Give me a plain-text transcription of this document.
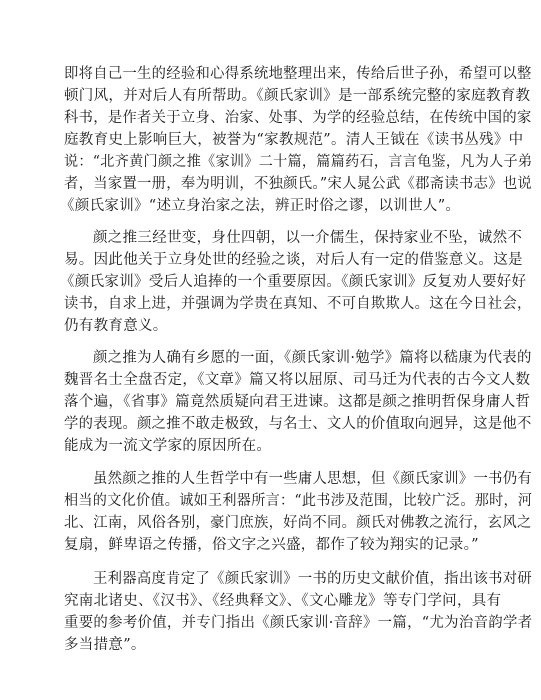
即将自己一生的经验和心得系统地整理出来，传给后世子孙，希望可以整
顿门风，并对后人有所帮助。《颜氏家训》是一部系统完整的家庭教育教
科书，是作者关于立身、治家、处事、为学的经验总结，在传统中国的家
庭教育史上影响巨大，被誉为“家教规范”。清人王钺在《读书丛残》中
说：“北齐黄门颜之推《家训》二十篇，篇篇药石，言言龟鉴，凡为人子弟
者，当家置一册，奉为明训，不独颜氏。”宋人晁公武《郡斋读书志》也说
《颜氏家训》“述立身治家之法，辨正时俗之谬，以训世人”。
颜之推三经世变，身仕四朝，以一介儒生，保持家业不坠，诚然不
易。因此他关于立身处世的经验之谈，对后人有一定的借鉴意义。这是
《颜氏家训》受后人追捧的一个重要原因。《颜氏家训》反复劝人要好好
读书，自求上进，并强调为学贵在真知、不可自欺欺人。这在今日社会，
仍有教育意义。
颜之推为人确有乡愿的一面，《颜氏家训·勉学》篇将以嵇康为代表的
魏晋名士全盘否定，《文章》篇又将以屈原、司马迁为代表的古今文人数
落个遍，《省事》篇竟然质疑向君王进谏。这都是颜之推明哲保身庸人哲
学的表现。颜之推不敢走极致，与名士、文人的价值取向迥异，这是他不
能成为一流文学家的原因所在。
虽然颜之推的人生哲学中有一些庸人思想，但《颜氏家训》一书仍有
相当的文化价值。诚如王利器所言：“此书涉及范围，比较广泛。那时，河
北、江南，风俗各别，豪门庶族，好尚不同。颜氏对佛教之流行，玄风之
复扇，鲜卑语之传播，俗文字之兴盛，都作了较为翔实的记录。”
王利器高度肯定了《颜氏家训》一书的历史文献价值，指出该书对研
究南北诸史、《汉书》、《经典释文》、《文心雕龙》等专门学问，具有
重要的参考价值，并专门指出《颜氏家训·音辞》一篇，“尤为治音韵学者
多当措意”。
